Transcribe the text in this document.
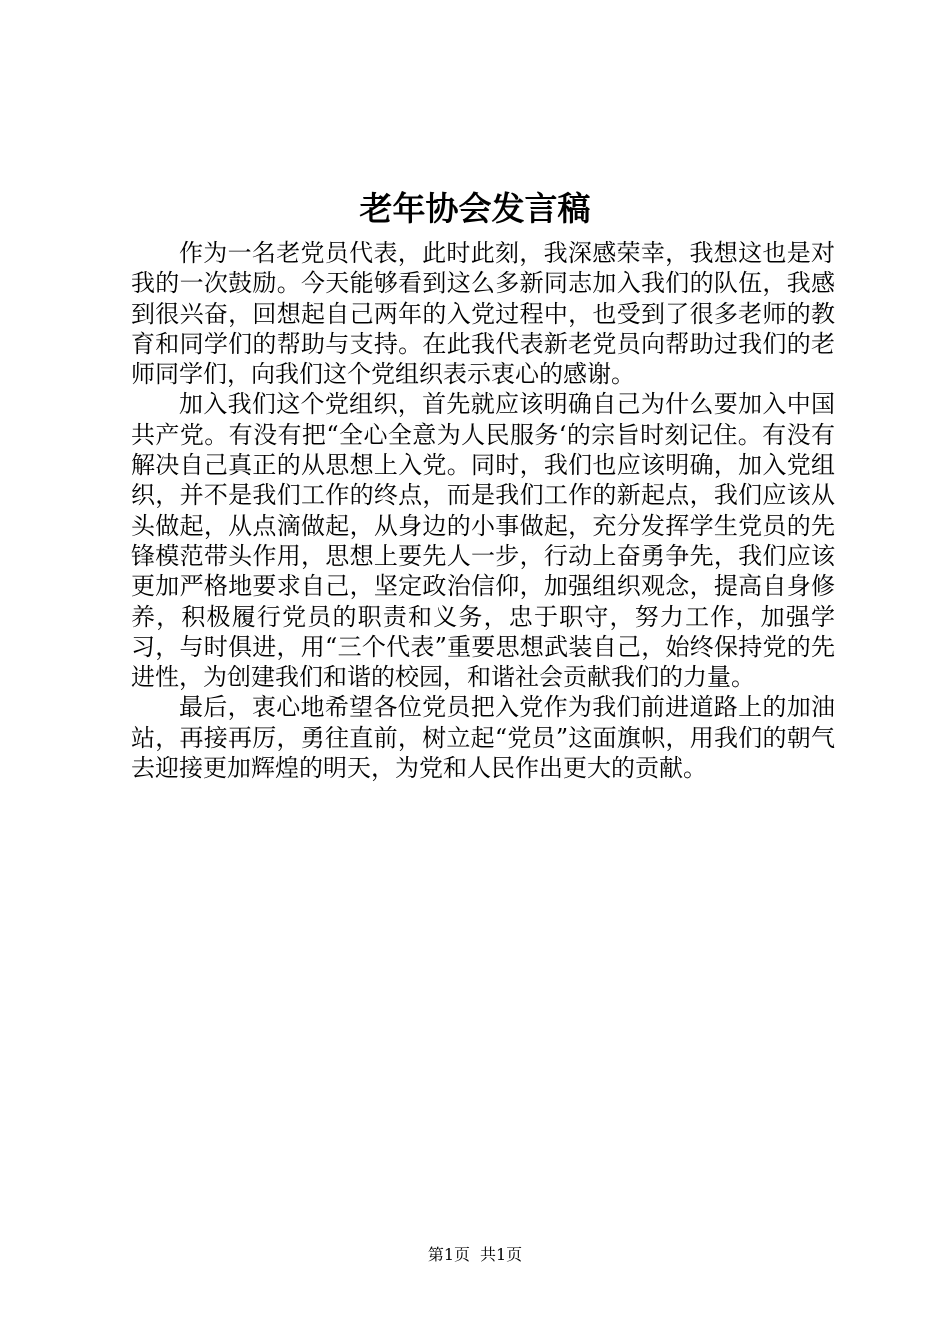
老年协会发言稿

作为一名老党员代表，此时此刻，我深感荣幸，我想这也是对我的一次鼓励。今天能够看到这么多新同志加入我们的队伍，我感到很兴奋，回想起自己两年的入党过程中，也受到了很多老师的教育和同学们的帮助与支持。在此我代表新老党员向帮助过我们的老师同学们，向我们这个党组织表示衷心的感谢。

加入我们这个党组织，首先就应该明确自己为什么要加入中国共产党。有没有把“全心全意为人民服务‘的宗旨时刻记住。有没有解决自己真正的从思想上入党。同时，我们也应该明确，加入党组织，并不是我们工作的终点，而是我们工作的新起点，我们应该从头做起，从点滴做起，从身边的小事做起，充分发挥学生党员的先锋模范带头作用，思想上要先人一步，行动上奋勇争先，我们应该更加严格地要求自己，坚定政治信仰，加强组织观念，提高自身修养，积极履行党员的职责和义务，忠于职守，努力工作，加强学习，与时俱进，用“三个代表”重要思想武装自己，始终保持党的先进性，为创建我们和谐的校园，和谐社会贡献我们的力量。

最后，衷心地希望各位党员把入党作为我们前进道路上的加油站，再接再厉，勇往直前，树立起“党员”这面旗帜，用我们的朝气去迎接更加辉煌的明天，为党和人民作出更大的贡献。

第1页 共1页
